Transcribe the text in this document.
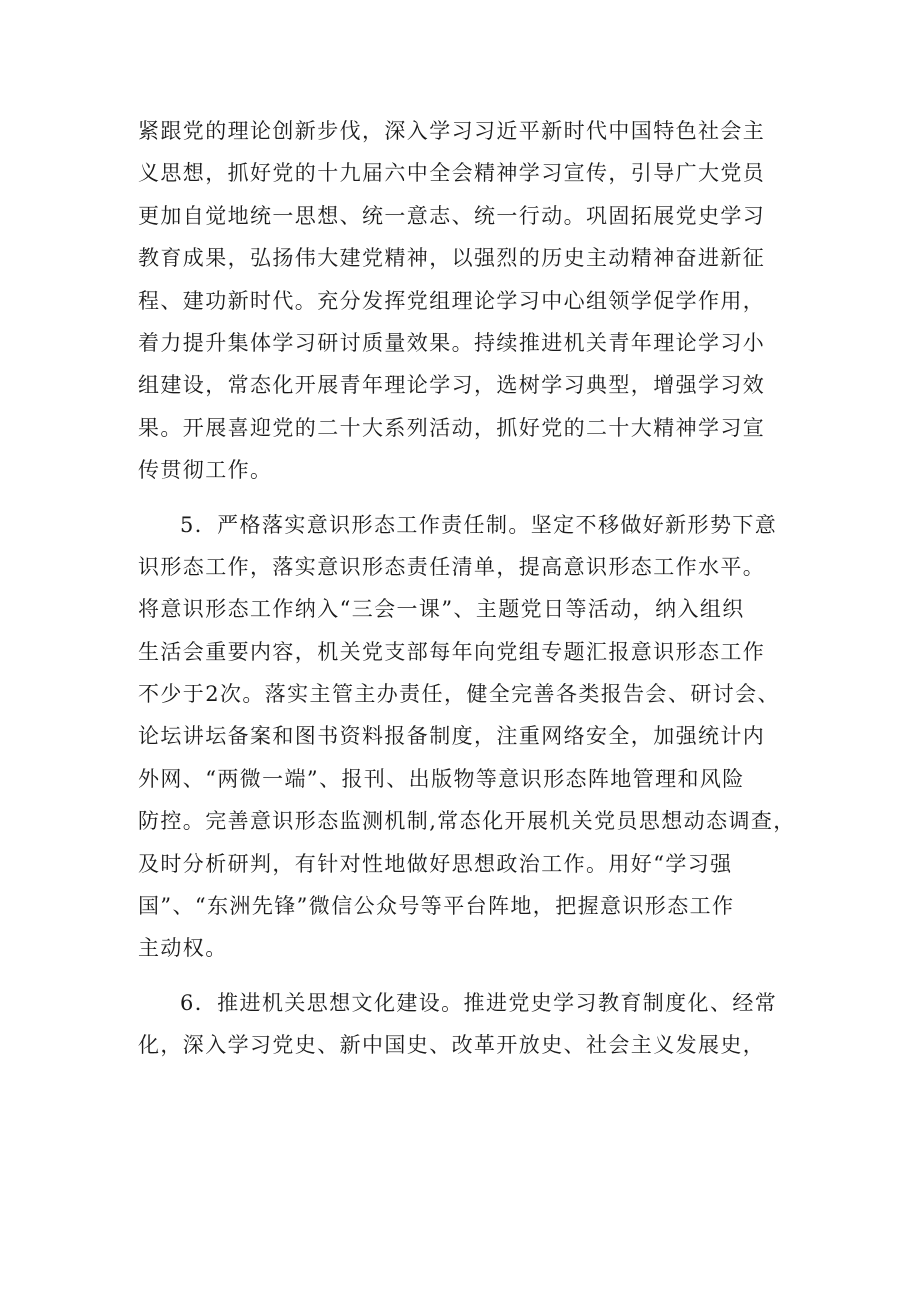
紧跟党的理论创新步伐，深入学习习近平新时代中国特色社会主
义思想，抓好党的十九届六中全会精神学习宣传，引导广大党员
更加自觉地统一思想、统一意志、统一行动。巩固拓展党史学习
教育成果，弘扬伟大建党精神，以强烈的历史主动精神奋进新征
程、建功新时代。充分发挥党组理论学习中心组领学促学作用，
着力提升集体学习研讨质量效果。持续推进机关青年理论学习小
组建设，常态化开展青年理论学习，选树学习典型，增强学习效
果。开展喜迎党的二十大系列活动，抓好党的二十大精神学习宣
传贯彻工作。
5．严格落实意识形态工作责任制。坚定不移做好新形势下意
识形态工作，落实意识形态责任清单，提高意识形态工作水平。
将意识形态工作纳入“三会一课”、主题党日等活动，纳入组织
生活会重要内容，机关党支部每年向党组专题汇报意识形态工作
不少于2次。落实主管主办责任，健全完善各类报告会、研讨会、
论坛讲坛备案和图书资料报备制度，注重网络安全，加强统计内
外网、“两微一端”、报刊、出版物等意识形态阵地管理和风险
防控。完善意识形态监测机制,常态化开展机关党员思想动态调查，
及时分析研判，有针对性地做好思想政治工作。用好“学习强
国”、“东洲先锋”微信公众号等平台阵地，把握意识形态工作
主动权。
6．推进机关思想文化建设。推进党史学习教育制度化、经常
化，深入学习党史、新中国史、改革开放史、社会主义发展史，
